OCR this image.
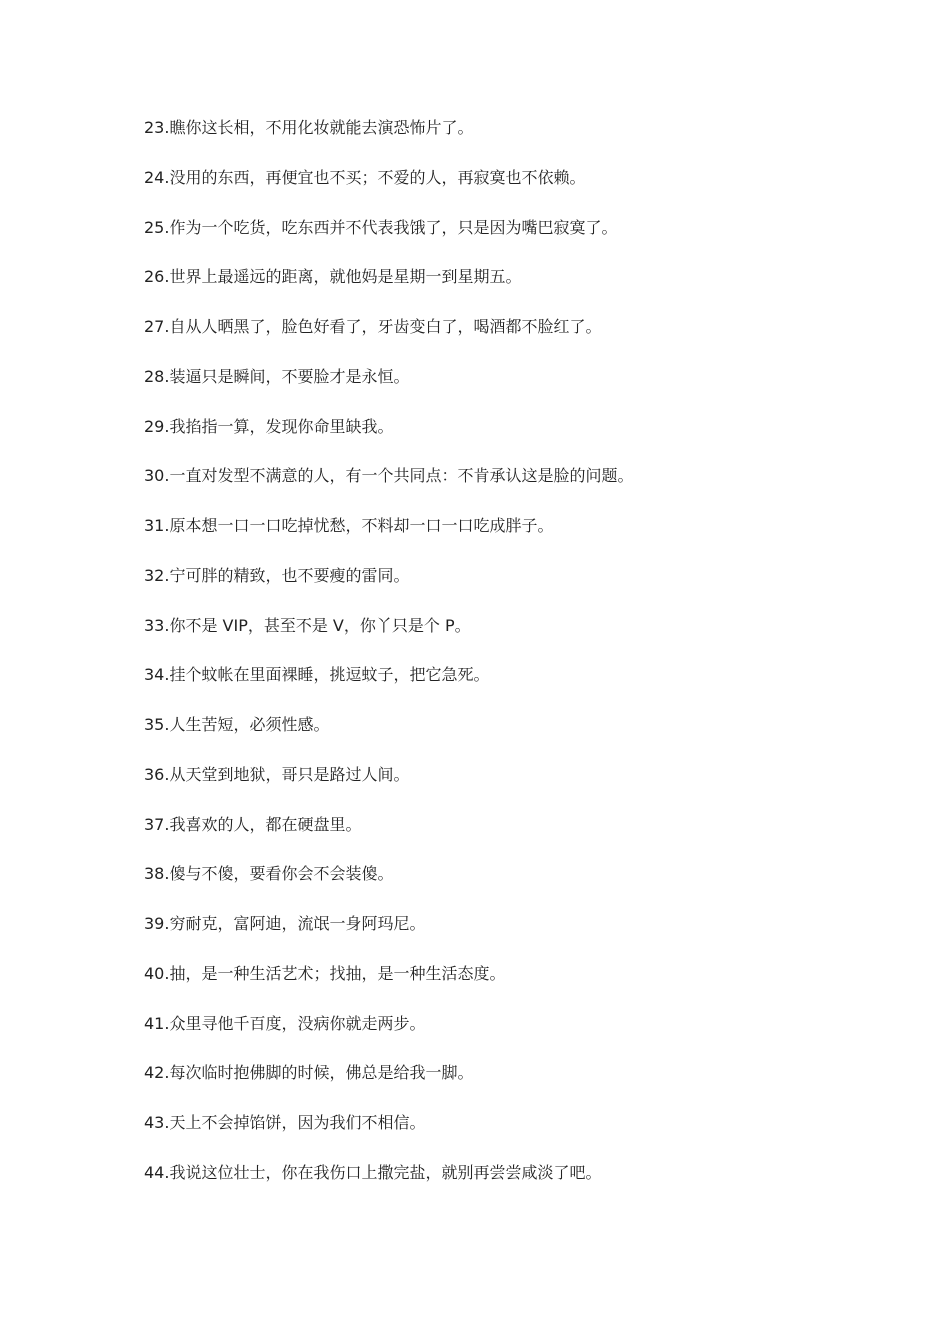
23.瞧你这长相，不用化妆就能去演恐怖片了。
24.没用的东西，再便宜也不买；不爱的人，再寂寞也不依赖。
25.作为一个吃货，吃东西并不代表我饿了，只是因为嘴巴寂寞了。
26.世界上最遥远的距离，就他妈是星期一到星期五。
27.自从人晒黑了，脸色好看了，牙齿变白了，喝酒都不脸红了。
28.装逼只是瞬间，不要脸才是永恒。
29.我掐指一算，发现你命里缺我。
30.一直对发型不满意的人，有一个共同点：不肯承认这是脸的问题。
31.原本想一口一口吃掉忧愁，不料却一口一口吃成胖子。
32.宁可胖的精致，也不要瘦的雷同。
33.你不是 VIP，甚至不是 V，你丫只是个 P。
34.挂个蚊帐在里面裸睡，挑逗蚊子，把它急死。
35.人生苦短，必须性感。
36.从天堂到地狱，哥只是路过人间。
37.我喜欢的人，都在硬盘里。
38.傻与不傻，要看你会不会装傻。
39.穷耐克，富阿迪，流氓一身阿玛尼。
40.抽，是一种生活艺术；找抽，是一种生活态度。
41.众里寻他千百度，没病你就走两步。
42.每次临时抱佛脚的时候，佛总是给我一脚。
43.天上不会掉馅饼，因为我们不相信。
44.我说这位壮士，你在我伤口上撒完盐，就别再尝尝咸淡了吧。
